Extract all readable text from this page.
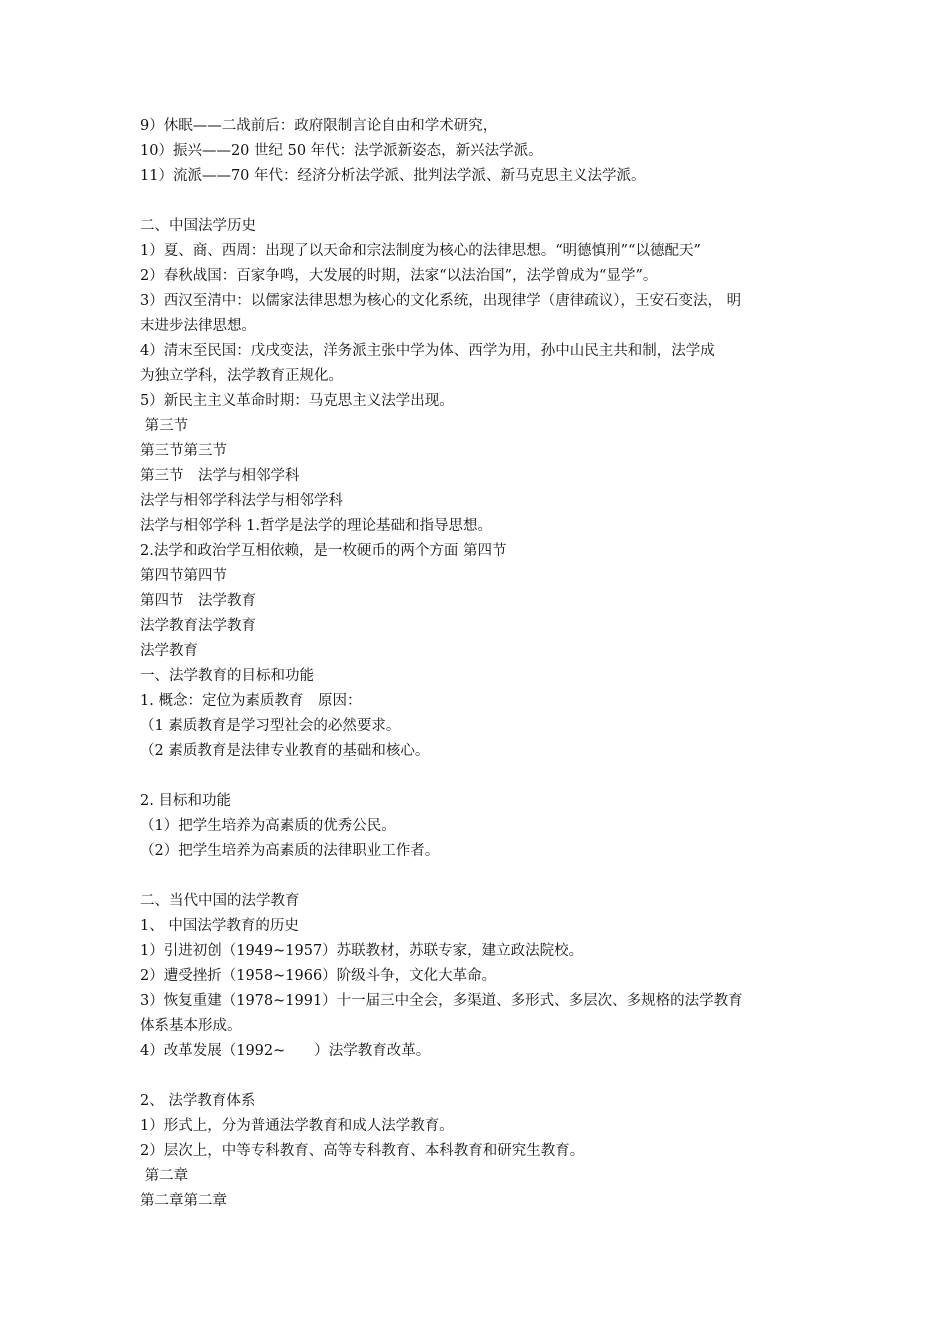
9）休眠——二战前后：政府限制言论自由和学术研究，
10）振兴——20 世纪 50 年代：法学派新姿态，新兴法学派。
11）流派——70 年代：经济分析法学派、批判法学派、新马克思主义法学派。
二、中国法学历史
1）夏、商、西周：出现了以天命和宗法制度为核心的法律思想。“明德慎刑”“以德配天”
2）春秋战国：百家争鸣，大发展的时期，法家“以法治国”，法学曾成为“显学”。
3）西汉至清中：以儒家法律思想为核心的文化系统，出现律学（唐律疏议），王安石变法， 明
末进步法律思想。
4）清末至民国：戊戌变法，洋务派主张中学为体、西学为用，孙中山民主共和制，法学成
为独立学科，法学教育正规化。
5）新民主主义革命时期：马克思主义法学出现。
第三节
第三节第三节
第三节　法学与相邻学科
法学与相邻学科法学与相邻学科
法学与相邻学科 1.哲学是法学的理论基础和指导思想。
2.法学和政治学互相依赖，是一枚硬币的两个方面 第四节
第四节第四节
第四节　法学教育
法学教育法学教育
法学教育
一、法学教育的目标和功能
1. 概念：定位为素质教育　原因：
（1 素质教育是学习型社会的必然要求。
（2 素质教育是法律专业教育的基础和核心。
2. 目标和功能
（1）把学生培养为高素质的优秀公民。
（2）把学生培养为高素质的法律职业工作者。
二、当代中国的法学教育
1、 中国法学教育的历史
1）引进初创（1949~1957）苏联教材，苏联专家，建立政法院校。
2）遭受挫折（1958~1966）阶级斗争，文化大革命。
3）恢复重建（1978~1991）十一届三中全会，多渠道、多形式、多层次、多规格的法学教育
体系基本形成。
4）改革发展（1992~　　）法学教育改革。
2、 法学教育体系
1）形式上，分为普通法学教育和成人法学教育。
2）层次上，中等专科教育、高等专科教育、本科教育和研究生教育。
第二章
第二章第二章
